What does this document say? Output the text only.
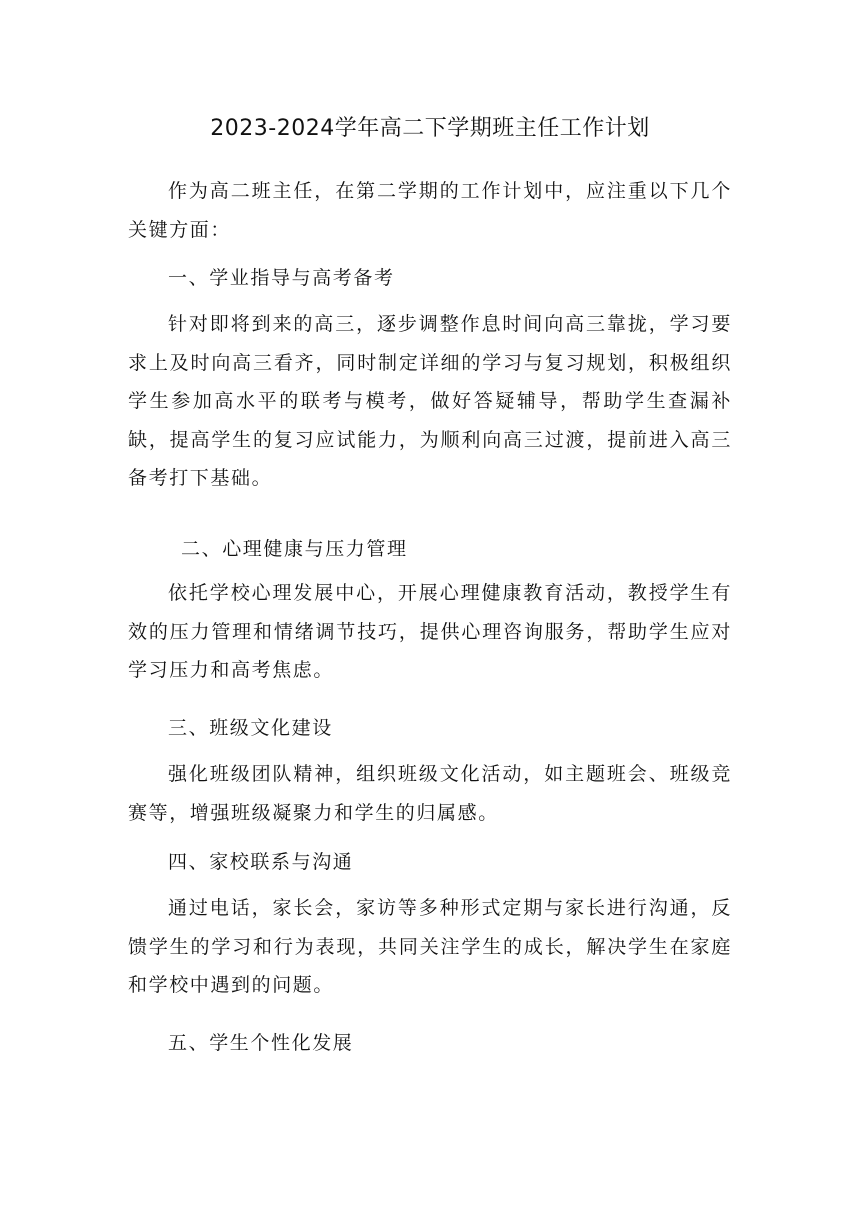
2023-2024学年高二下学期班主任工作计划

作为高二班主任，在第二学期的工作计划中，应注重以下几个关键方面：

一、学业指导与高考备考

针对即将到来的高三，逐步调整作息时间向高三靠拢，学习要求上及时向高三看齐，同时制定详细的学习与复习规划，积极组织学生参加高水平的联考与模考，做好答疑辅导，帮助学生查漏补缺，提高学生的复习应试能力，为顺利向高三过渡，提前进入高三备考打下基础。

二、心理健康与压力管理

依托学校心理发展中心，开展心理健康教育活动，教授学生有效的压力管理和情绪调节技巧，提供心理咨询服务，帮助学生应对学习压力和高考焦虑。

三、班级文化建设

强化班级团队精神，组织班级文化活动，如主题班会、班级竞赛等，增强班级凝聚力和学生的归属感。

四、家校联系与沟通

通过电话，家长会，家访等多种形式定期与家长进行沟通，反馈学生的学习和行为表现，共同关注学生的成长，解决学生在家庭和学校中遇到的问题。

五、学生个性化发展
